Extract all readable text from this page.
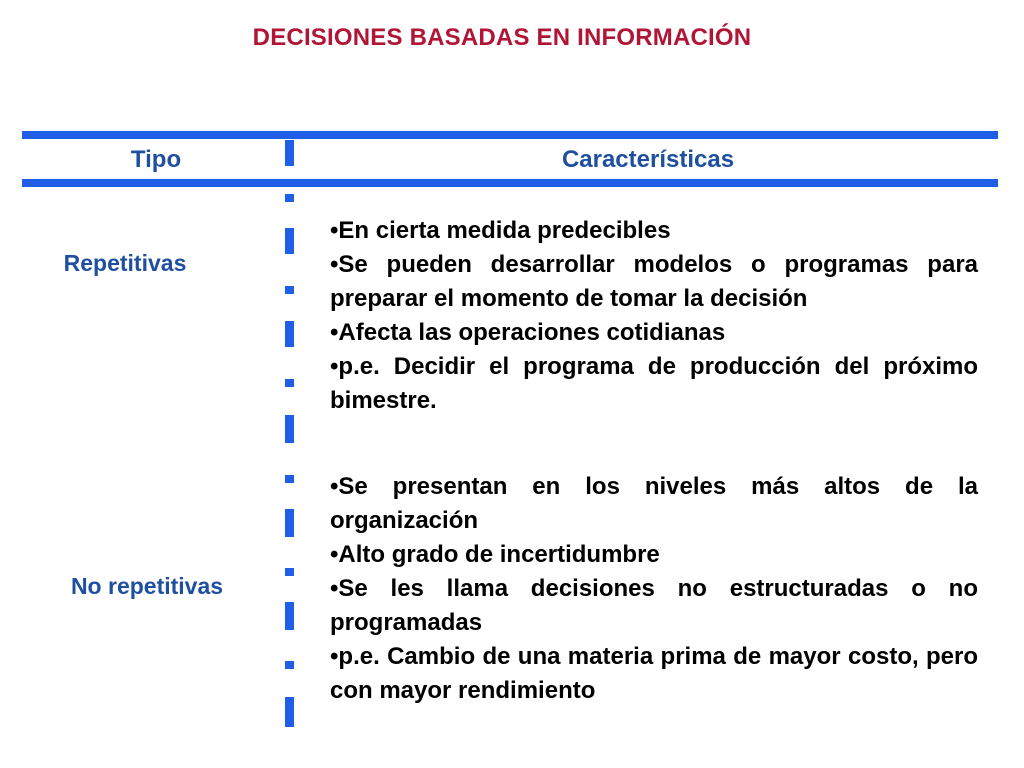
DECISIONES BASADAS EN INFORMACIÓN
Tipo	Características
Repetitivas
•En cierta medida predecibles
•Se pueden desarrollar modelos o programas para preparar el momento de tomar la decisión
•Afecta las operaciones cotidianas
•p.e. Decidir el programa de producción del próximo bimestre.
No repetitivas
•Se presentan en los niveles más altos de la organización
•Alto grado de incertidumbre
•Se les llama decisiones no estructuradas o no programadas
•p.e. Cambio de una materia prima de mayor costo, pero con mayor rendimiento
